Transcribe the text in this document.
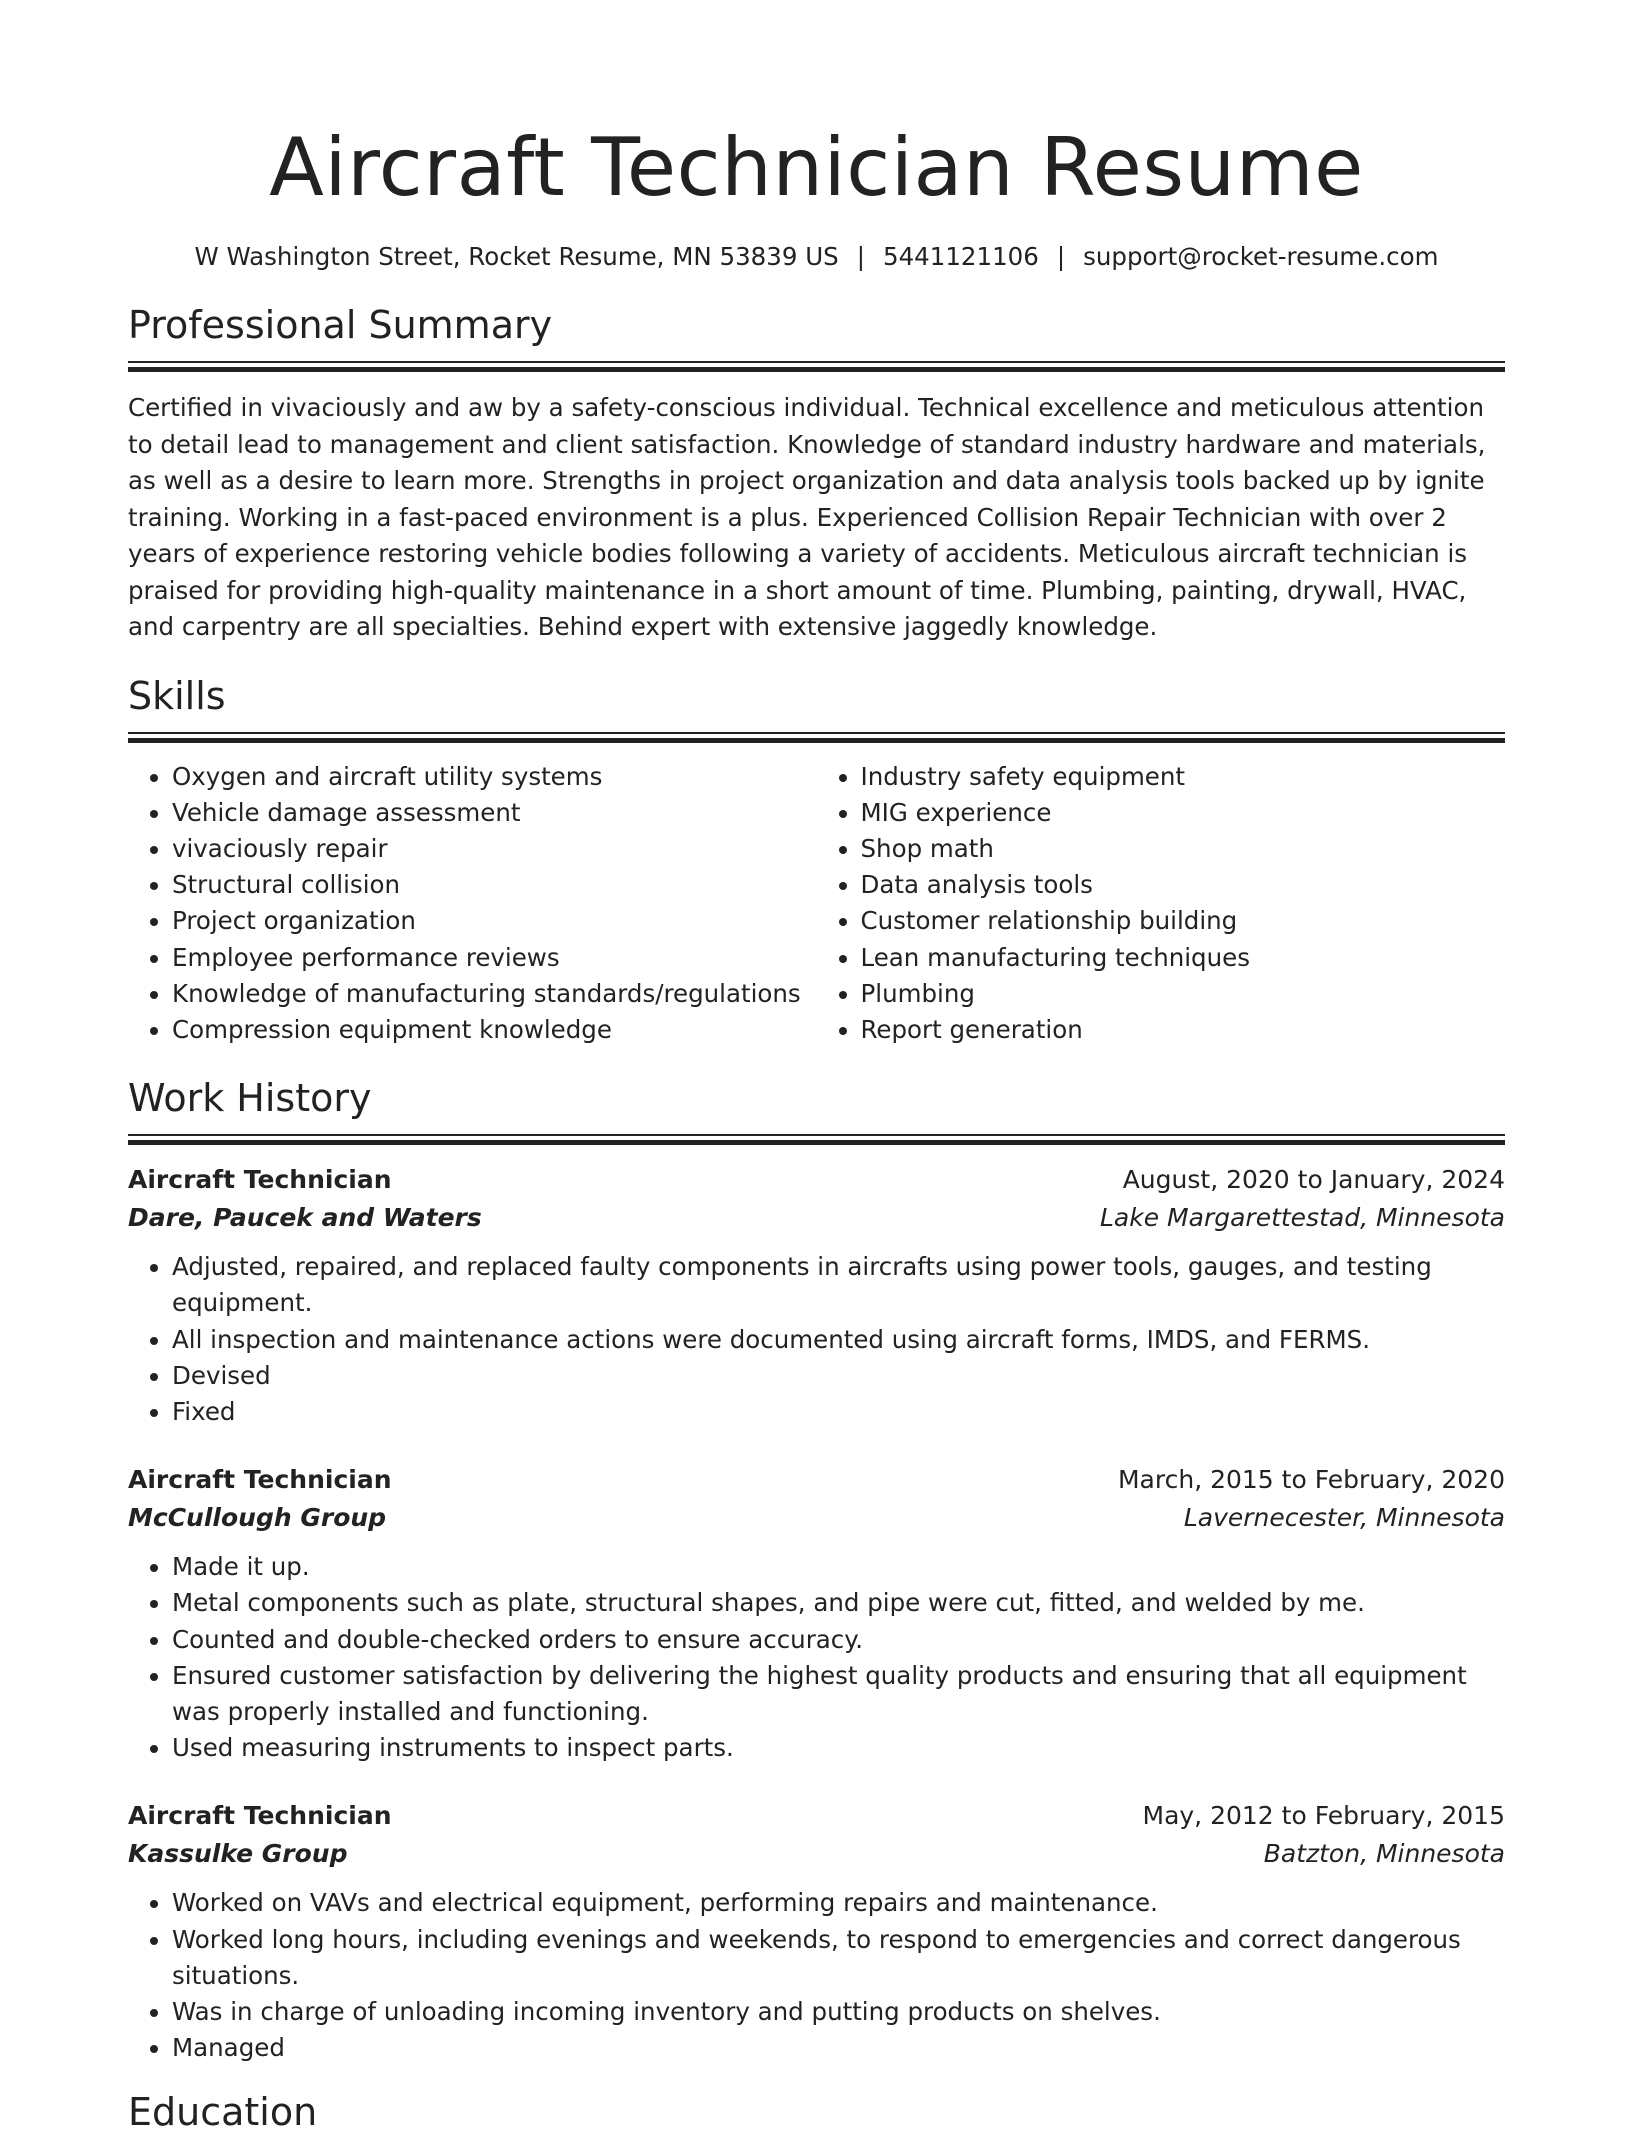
Aircraft Technician Resume
W Washington Street, Rocket Resume, MN 53839 US | 5441121106 | support@rocket-resume.com
Professional Summary

Certified in vivaciously and aw by a safety-conscious individual. Technical excellence and meticulous attention to detail lead to management and client satisfaction. Knowledge of standard industry hardware and materials, as well as a desire to learn more. Strengths in project organization and data analysis tools backed up by ignite training. Working in a fast-paced environment is a plus. Experienced Collision Repair Technician with over 2 years of experience restoring vehicle bodies following a variety of accidents. Meticulous aircraft technician is praised for providing high-quality maintenance in a short amount of time. Plumbing, painting, drywall, HVAC, and carpentry are all specialties. Behind expert with extensive jaggedly knowledge.

Skills
• Oxygen and aircraft utility systems
• Vehicle damage assessment
• vivaciously repair
• Structural collision
• Project organization
• Employee performance reviews
• Knowledge of manufacturing standards/regulations
• Compression equipment knowledge
• Industry safety equipment
• MIG experience
• Shop math
• Data analysis tools
• Customer relationship building
• Lean manufacturing techniques
• Plumbing
• Report generation
Work History
Aircraft Technician	August, 2020 to January, 2024
Dare, Paucek and Waters	Lake Margarettestad, Minnesota
• Adjusted, repaired, and replaced faulty components in aircrafts using power tools, gauges, and testing equipment.
• All inspection and maintenance actions were documented using aircraft forms, IMDS, and FERMS.
• Devised
• Fixed
Aircraft Technician	March, 2015 to February, 2020
McCullough Group	Lavernecester, Minnesota
• Made it up.
• Metal components such as plate, structural shapes, and pipe were cut, fitted, and welded by me.
• Counted and double-checked orders to ensure accuracy.
• Ensured customer satisfaction by delivering the highest quality products and ensuring that all equipment was properly installed and functioning.
• Used measuring instruments to inspect parts.
Aircraft Technician	May, 2012 to February, 2015
Kassulke Group	Batzton, Minnesota
• Worked on VAVs and electrical equipment, performing repairs and maintenance.
• Worked long hours, including evenings and weekends, to respond to emergencies and correct dangerous situations.
• Was in charge of unloading incoming inventory and putting products on shelves.
• Managed
Education
